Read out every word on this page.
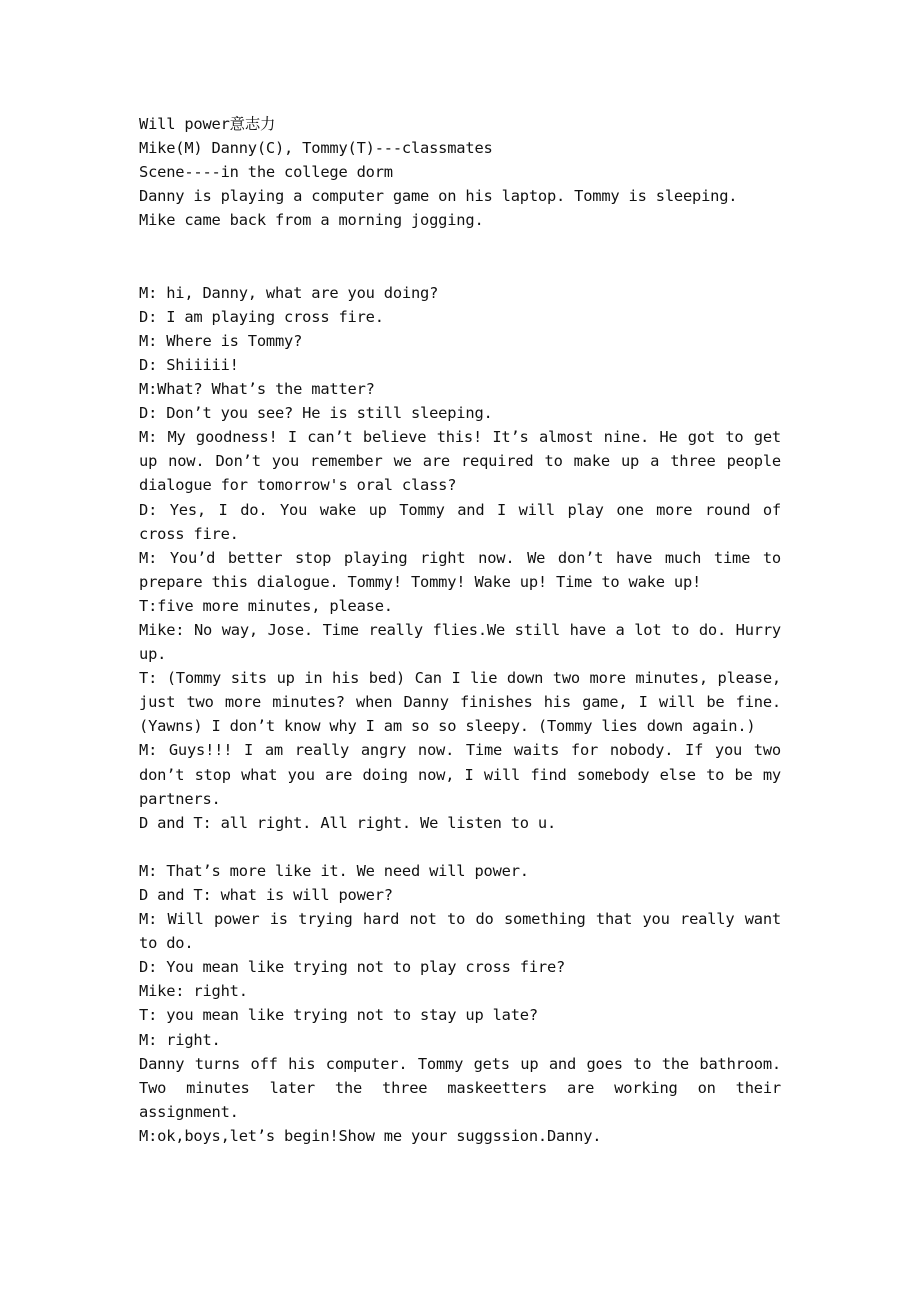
Will power意志力

Mike(M) Danny(C), Tommy(T)---classmates

Scene----in the college dorm

Danny is playing a computer game on his laptop. Tommy is sleeping.

Mike came back from a morning jogging.

M: hi, Danny, what are you doing?

D: I am playing cross fire.

M: Where is Tommy?

D: Shiiiii!

M:What? What’s the matter?

D: Don’t you see? He is still sleeping.

M: My goodness! I can’t believe this! It’s almost nine. He got to get up now. Don’t you remember we are required to make up a three people dialogue for tomorrow's oral class?

D: Yes, I do. You wake up Tommy and I will play one more round of cross fire.

M: You’d better stop playing right now. We don’t have much time to prepare this dialogue. Tommy! Tommy! Wake up! Time to wake up!

T:five more minutes, please.

Mike: No way, Jose. Time really flies.We still have a lot to do. Hurry up.

T: (Tommy sits up in his bed) Can I lie down two more minutes, please, just two more minutes? when Danny finishes his game, I will be fine.(Yawns) I don’t know why I am so so sleepy. (Tommy lies down again.)

M: Guys!!! I am really angry now. Time waits for nobody. If you two don’t stop what you are doing now, I will find somebody else to be my partners.

D and T: all right. All right. We listen to u.

M: That’s more like it. We need will power.

D and T: what is will power?

M: Will power is trying hard not to do something that you really want to do.

D: You mean like trying not to play cross fire?

Mike: right.

T: you mean like trying not to stay up late?

M: right.

Danny turns off his computer. Tommy gets up and goes to the bathroom. Two minutes later the three maskeetters are working on their assignment.

M:ok,boys,let’s begin!Show me your suggssion.Danny.
